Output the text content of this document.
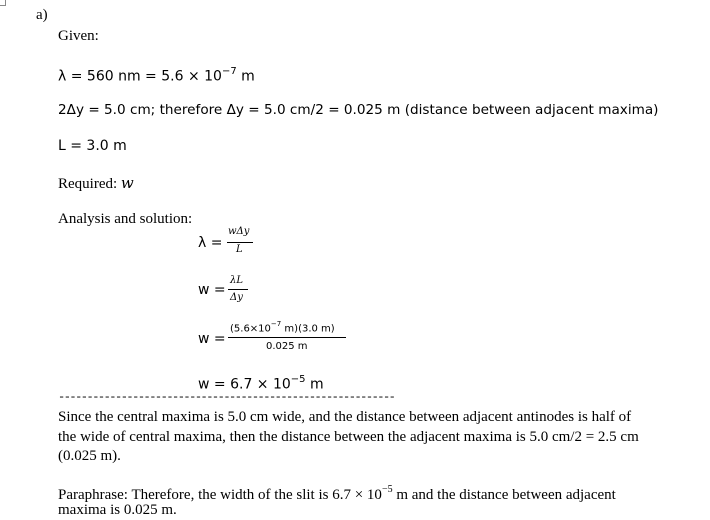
a)
Given:
λ = 560 nm = $5.6 \times 10^{-7}$ m
2Δy = 5.0 cm; therefore Δy = 5.0 cm/2 = 0.025 m (distance between adjacent maxima)
L = 3.0 m
Required: w
Analysis and solution:
λ =
wΔy
L
w =
λL
Δy
w =
($5.6\times 10^{-7}$ m)(3.0 m)
0.025 m
$w = 6.7 \times 10^{-5}$ m
-----------------------------------------------------------
Since the central maxima is 5.0 cm wide, and the distance between adjacent antinodes is half of
the wide of central maxima, then the distance between the adjacent maxima is 5.0 cm/2 = 2.5 cm
(0.025 m).
Paraphrase: Therefore, the width of the slit is $6.7 \times 10^{-5}$ m and the distance between adjacent
maxima is 0.025 m.
